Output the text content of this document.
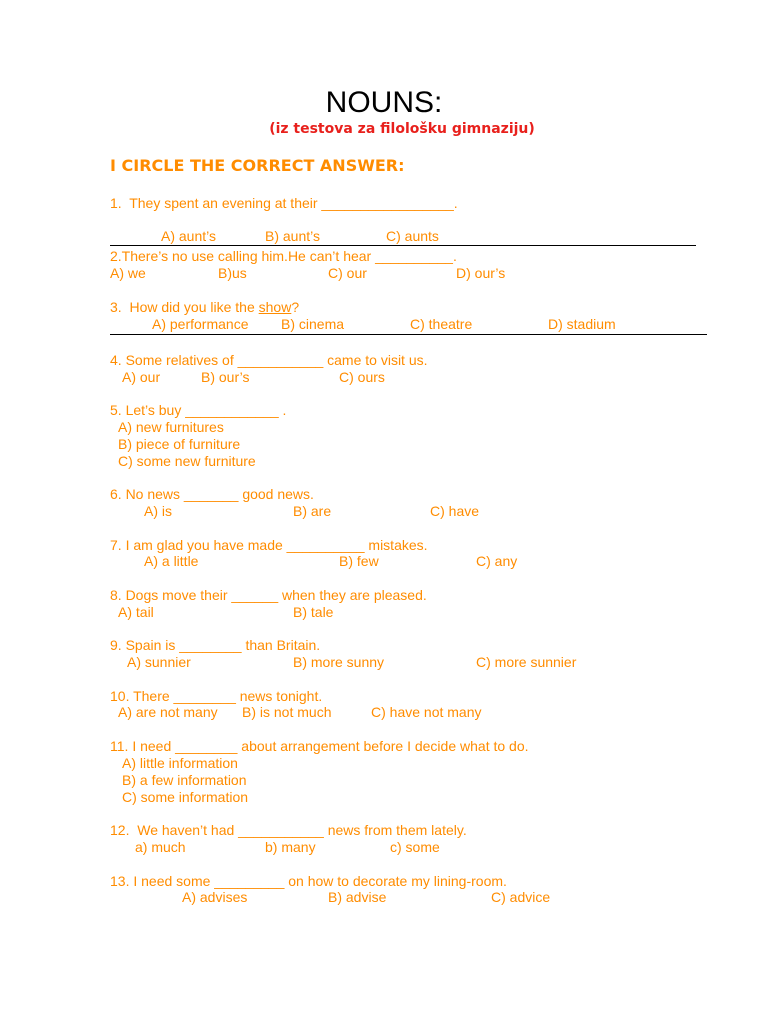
NOUNS:
(iz testova za filološku gimnaziju)
I CIRCLE THE CORRECT ANSWER:
1.  They spent an evening at their _________________.
A) aunt’s	B) aunt’s	C) aunts
2.There’s no use calling him.He can’t hear __________.
A) we	B)us	C) our	D) our’s
3.  How did you like the show?
A) performance B) cinema	C) theatre	D) stadium
4. Some relatives of ___________ came to visit us.
A) our	B) our’s	C) ours
5. Let’s buy ____________ .
A) new furnitures
B) piece of furniture
C) some new furniture
6. No news _______ good news.
A) is	B) are	C) have
7. I am glad you have made __________ mistakes.
A) a little	B) few	C) any
8. Dogs move their ______ when they are pleased.
A) tail	B) tale
9. Spain is ________ than Britain.
A) sunnier	B) more sunny	C) more sunnier
10. There ________ news tonight.
A) are not many B) is not much	C) have not many
11. I need ________ about arrangement before I decide what to do.
A) little information
B) a few information
C) some information
12.  We haven’t had ___________ news from them lately.
a) much	b) many	c) some
13. I need some _________ on how to decorate my lining-room.
A) advises	B) advise	C) advice
